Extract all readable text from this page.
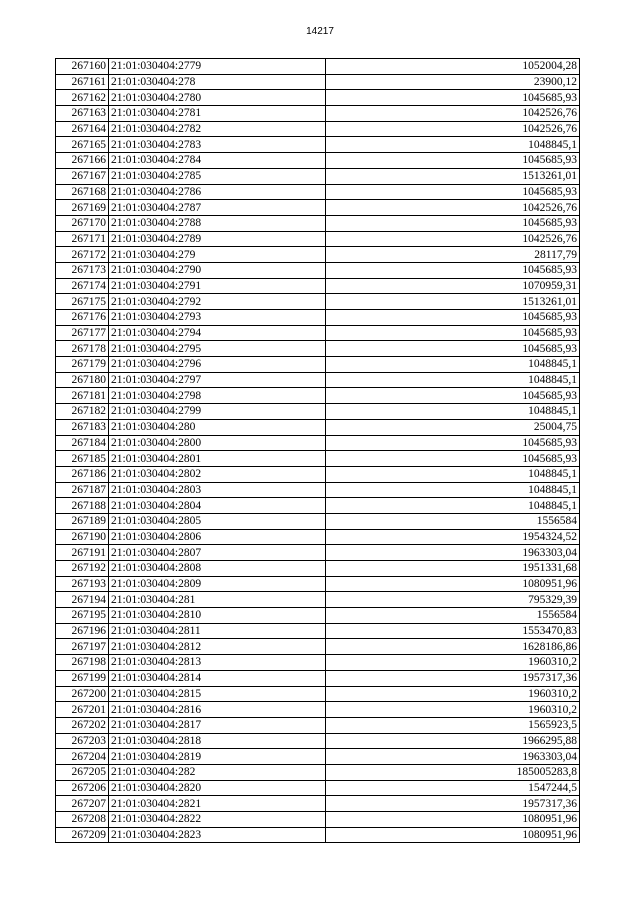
14217
267160	21:01:030404:2779	1052004,28
267161	21:01:030404:278	23900,12
267162	21:01:030404:2780	1045685,93
267163	21:01:030404:2781	1042526,76
267164	21:01:030404:2782	1042526,76
267165	21:01:030404:2783	1048845,1
267166	21:01:030404:2784	1045685,93
267167	21:01:030404:2785	1513261,01
267168	21:01:030404:2786	1045685,93
267169	21:01:030404:2787	1042526,76
267170	21:01:030404:2788	1045685,93
267171	21:01:030404:2789	1042526,76
267172	21:01:030404:279	28117,79
267173	21:01:030404:2790	1045685,93
267174	21:01:030404:2791	1070959,31
267175	21:01:030404:2792	1513261,01
267176	21:01:030404:2793	1045685,93
267177	21:01:030404:2794	1045685,93
267178	21:01:030404:2795	1045685,93
267179	21:01:030404:2796	1048845,1
267180	21:01:030404:2797	1048845,1
267181	21:01:030404:2798	1045685,93
267182	21:01:030404:2799	1048845,1
267183	21:01:030404:280	25004,75
267184	21:01:030404:2800	1045685,93
267185	21:01:030404:2801	1045685,93
267186	21:01:030404:2802	1048845,1
267187	21:01:030404:2803	1048845,1
267188	21:01:030404:2804	1048845,1
267189	21:01:030404:2805	1556584
267190	21:01:030404:2806	1954324,52
267191	21:01:030404:2807	1963303,04
267192	21:01:030404:2808	1951331,68
267193	21:01:030404:2809	1080951,96
267194	21:01:030404:281	795329,39
267195	21:01:030404:2810	1556584
267196	21:01:030404:2811	1553470,83
267197	21:01:030404:2812	1628186,86
267198	21:01:030404:2813	1960310,2
267199	21:01:030404:2814	1957317,36
267200	21:01:030404:2815	1960310,2
267201	21:01:030404:2816	1960310,2
267202	21:01:030404:2817	1565923,5
267203	21:01:030404:2818	1966295,88
267204	21:01:030404:2819	1963303,04
267205	21:01:030404:282	185005283,8
267206	21:01:030404:2820	1547244,5
267207	21:01:030404:2821	1957317,36
267208	21:01:030404:2822	1080951,96
267209	21:01:030404:2823	1080951,96
